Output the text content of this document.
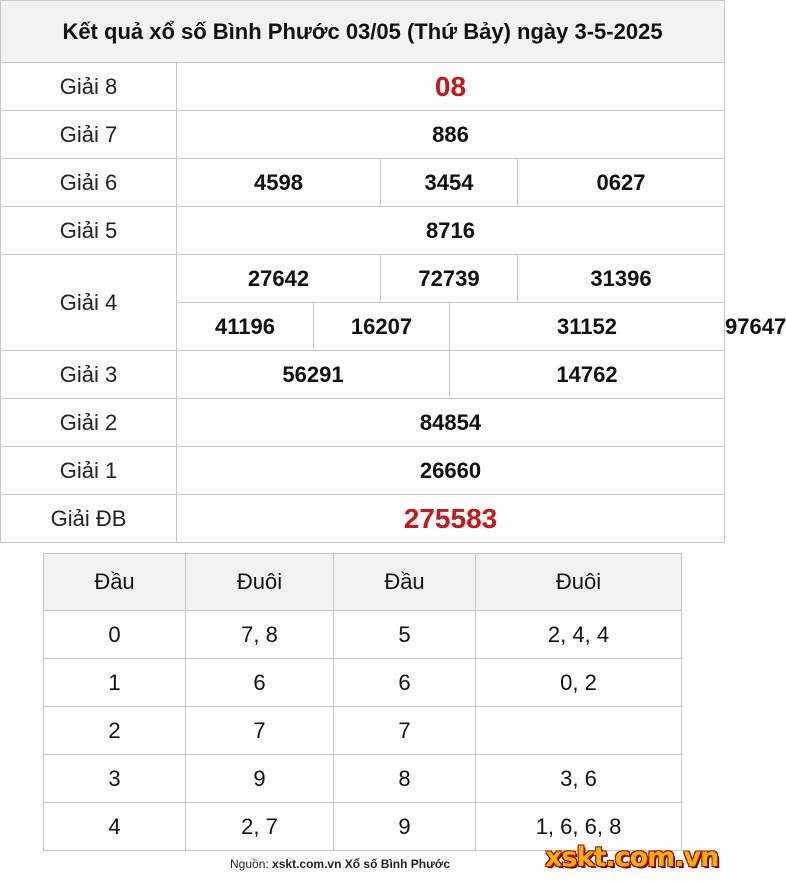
Kết quả xổ số Bình Phước 03/05 (Thứ Bảy) ngày 3-5-2025						
Giải 8	08					
Giải 7	886					
Giải 6	4598		3454		0627	
Giải 5	8716					
Giải 4	27642		72739		31396	
	41196	16207		31152		97647
Giải 3	56291			14762		
Giải 2	84854					
Giải 1	26660					
Giải ĐB	275583					
Đầu	Đuôi	Đầu	Đuôi
0	7, 8	5	2, 4, 4
1	6	6	0, 2
2	7	7	
3	9	8	3, 6
4	2, 7	9	1, 6, 6, 8
Nguồn: xskt.com.vn Xổ số Bình Phước	xskt.com.vn
